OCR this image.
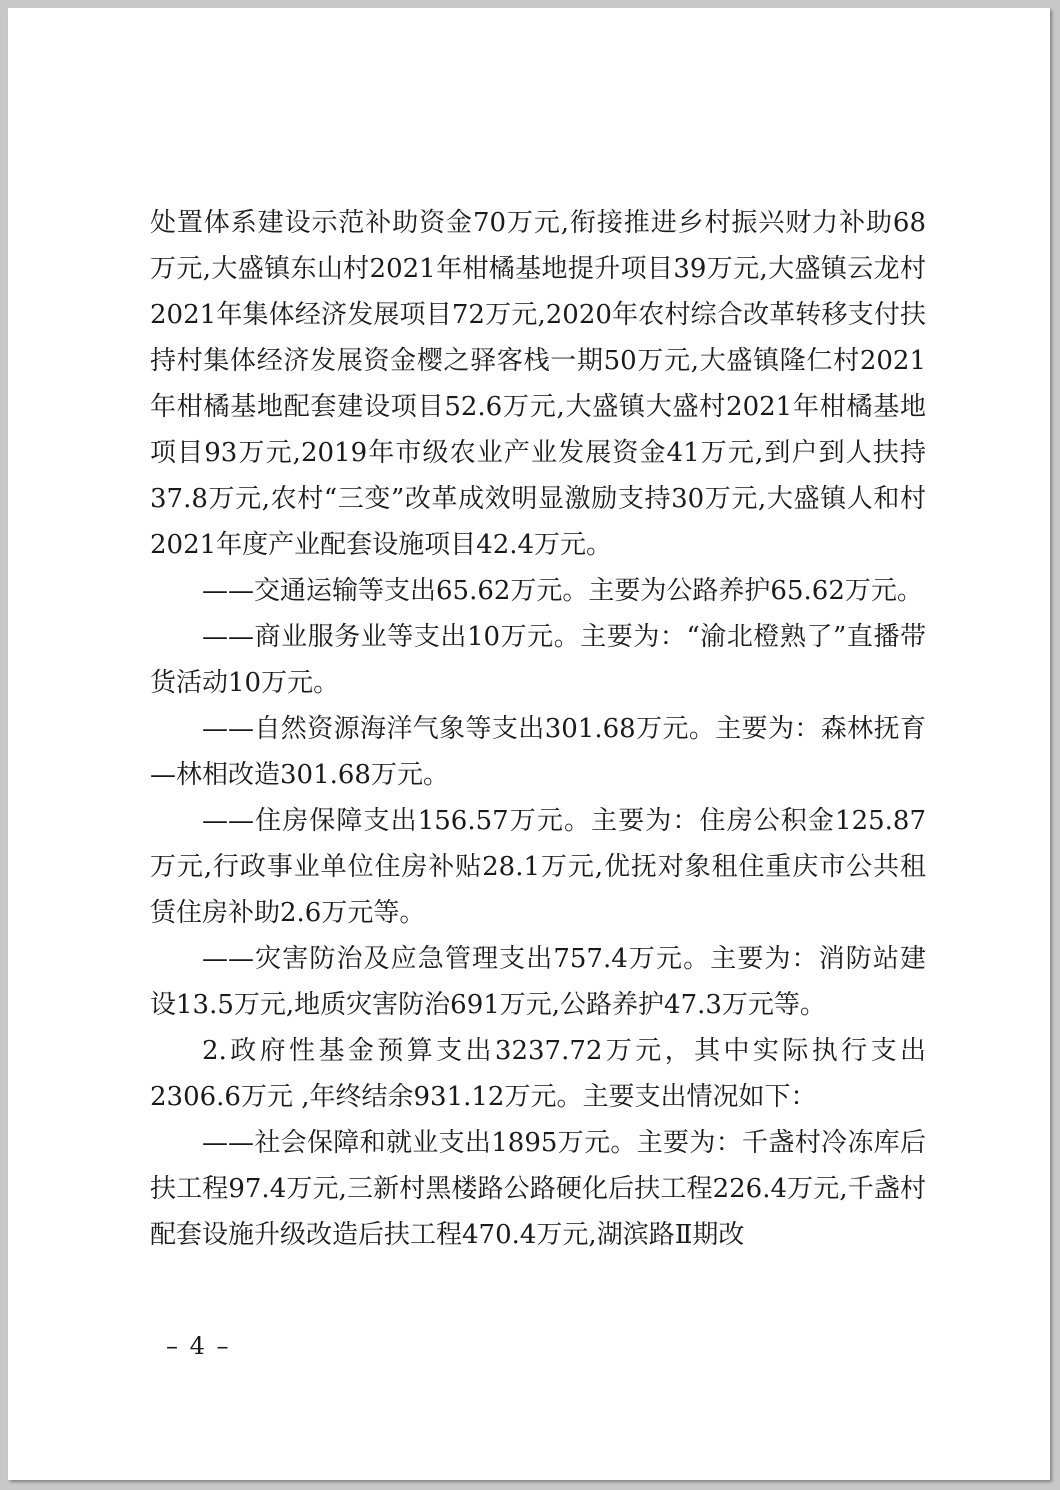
处置体系建设示范补助资金70万元,衔接推进乡村振兴财力补助68万元,大盛镇东山村2021年柑橘基地提升项目39万元,大盛镇云龙村2021年集体经济发展项目72万元,2020年农村综合改革转移支付扶持村集体经济发展资金樱之驿客栈一期50万元,大盛镇隆仁村2021年柑橘基地配套建设项目52.6万元,大盛镇大盛村2021年柑橘基地项目93万元,2019年市级农业产业发展资金41万元,到户到人扶持37.8万元,农村“三变”改革成效明显激励支持30万元,大盛镇人和村2021年度产业配套设施项目42.4万元。

——交通运输等支出65.62万元。主要为公路养护65.62万元。

——商业服务业等支出10万元。主要为：“渝北橙熟了”直播带货活动10万元。

——自然资源海洋气象等支出301.68万元。主要为：森林抚育—林相改造301.68万元。

——住房保障支出156.57万元。主要为：住房公积金125.87万元,行政事业单位住房补贴28.1万元,优抚对象租住重庆市公共租赁住房补助2.6万元等。

——灾害防治及应急管理支出757.4万元。主要为：消防站建设13.5万元,地质灾害防治691万元,公路养护47.3万元等。

2.政府性基金预算支出3237.72万元，其中实际执行支出2306.6万元 ,年终结余931.12万元。主要支出情况如下：

——社会保障和就业支出1895万元。主要为：千盏村冷冻库后扶工程97.4万元,三新村黑楼路公路硬化后扶工程226.4万元,千盏村配套设施升级改造后扶工程470.4万元,湖滨路Ⅱ期改

– 4 –
